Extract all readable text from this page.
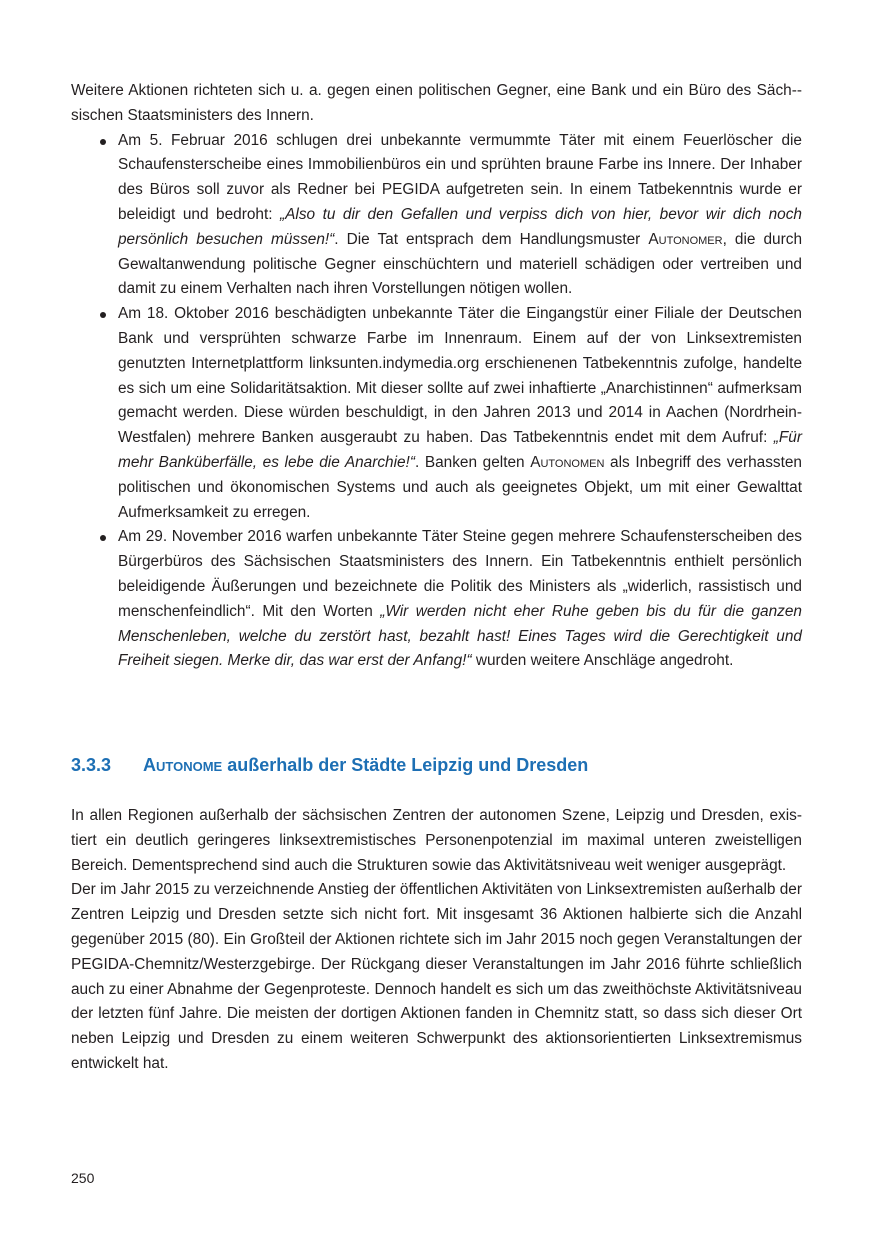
Weitere Aktionen richteten sich u. a. gegen einen politischen Gegner, eine Bank und ein Büro des Säch-sischen Staatsministers des Innern.

Am 5. Februar 2016 schlugen drei unbekannte vermummte Täter mit einem Feuerlöscher die Schaufensterscheibe eines Immobilienbüros ein und sprühten braune Farbe ins Innere. Der Inhaber des Büros soll zuvor als Redner bei PEGIDA aufgetreten sein. In einem Tatbekenntnis wurde er beleidigt und bedroht: „Also tu dir den Gefallen und verpiss dich von hier, bevor wir dich noch persönlich besuchen müssen!“. Die Tat entsprach dem Handlungsmuster Autonomer, die durch Gewaltanwendung politische Gegner einschüchtern und materiell schädigen oder vertreiben und damit zu einem Verhalten nach ihren Vorstellungen nötigen wollen.

Am 18. Oktober 2016 beschädigten unbekannte Täter die Eingangstür einer Filiale der Deutschen Bank und versprühten schwarze Farbe im Innenraum. Einem auf der von Linksextremisten genutzten Internetplattform linksunten.indymedia.org erschienenen Tatbekenntnis zufolge, handelte es sich um eine Solidaritätsaktion. Mit dieser sollte auf zwei inhaftierte „Anarchistinnen“ aufmerksam gemacht werden. Diese würden beschuldigt, in den Jahren 2013 und 2014 in Aachen (Nordrhein-Westfalen) mehrere Banken ausgeraubt zu haben. Das Tatbekenntnis endet mit dem Aufruf: „Für mehr Banküberfälle, es lebe die Anarchie!“. Banken gelten Autonomen als Inbegriff des verhassten politischen und ökonomischen Systems und auch als geeignetes Objekt, um mit einer Gewalttat Aufmerksamkeit zu erregen.

Am 29. November 2016 warfen unbekannte Täter Steine gegen mehrere Schaufensterscheiben des Bürgerbüros des Sächsischen Staatsministers des Innern. Ein Tatbekenntnis enthielt persönlich beleidigende Äußerungen und bezeichnete die Politik des Ministers als „widerlich, rassistisch und menschenfeindlich“. Mit den Worten „Wir werden nicht eher Ruhe geben bis du für die ganzen Menschenleben, welche du zerstört hast, bezahlt hast! Eines Tages wird die Gerechtigkeit und Freiheit siegen. Merke dir, das war erst der Anfang!“ wurden weitere Anschläge angedroht.

3.3.3 Autonome außerhalb der Städte Leipzig und Dresden

In allen Regionen außerhalb der sächsischen Zentren der autonomen Szene, Leipzig und Dresden, existiert ein deutlich geringeres linksextremistisches Personenpotenzial im maximal unteren zweistelligen Bereich. Dementsprechend sind auch die Strukturen sowie das Aktivitätsniveau weit weniger ausgeprägt.

Der im Jahr 2015 zu verzeichnende Anstieg der öffentlichen Aktivitäten von Linksextremisten außerhalb der Zentren Leipzig und Dresden setzte sich nicht fort. Mit insgesamt 36 Aktionen halbierte sich die Anzahl gegenüber 2015 (80). Ein Großteil der Aktionen richtete sich im Jahr 2015 noch gegen Veranstaltungen der PEGIDA-Chemnitz/Westerzgebirge. Der Rückgang dieser Veranstaltungen im Jahr 2016 führte schließlich auch zu einer Abnahme der Gegenproteste. Dennoch handelt es sich um das zweithöchste Aktivitätsniveau der letzten fünf Jahre. Die meisten der dortigen Aktionen fanden in Chemnitz statt, so dass sich dieser Ort neben Leipzig und Dresden zu einem weiteren Schwerpunkt des aktionsorientierten Linksextremismus entwickelt hat.

250
